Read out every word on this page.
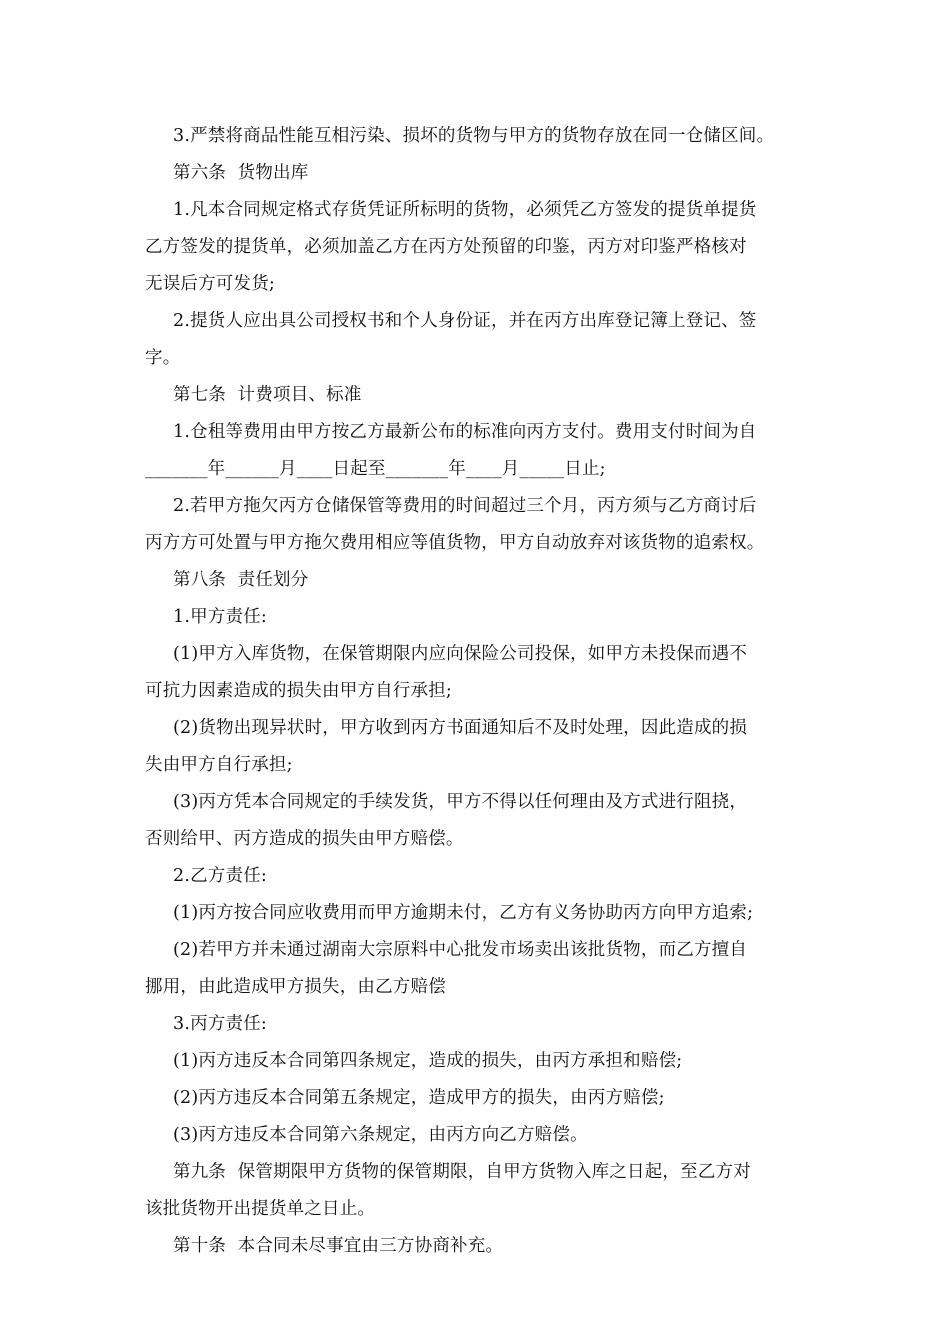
3.严禁将商品性能互相污染、损坏的货物与甲方的货物存放在同一仓储区间。
第六条  货物出库
1.凡本合同规定格式存货凭证所标明的货物，必须凭乙方签发的提货单提货
乙方签发的提货单，必须加盖乙方在丙方处预留的印鉴，丙方对印鉴严格核对
无误后方可发货;
2.提货人应出具公司授权书和个人身份证，并在丙方出库登记簿上登记、签
字。
第七条  计费项目、标准
1.仓租等费用由甲方按乙方最新公布的标准向丙方支付。费用支付时间为自
_______年______月____日起至_______年____月_____日止;
2.若甲方拖欠丙方仓储保管等费用的时间超过三个月，丙方须与乙方商讨后
丙方方可处置与甲方拖欠费用相应等值货物，甲方自动放弃对该货物的追索权。
第八条  责任划分
1.甲方责任:
(1)甲方入库货物，在保管期限内应向保险公司投保，如甲方未投保而遇不
可抗力因素造成的损失由甲方自行承担;
(2)货物出现异状时，甲方收到丙方书面通知后不及时处理，因此造成的损
失由甲方自行承担;
(3)丙方凭本合同规定的手续发货，甲方不得以任何理由及方式进行阻挠，
否则给甲、丙方造成的损失由甲方赔偿。
2.乙方责任:
(1)丙方按合同应收费用而甲方逾期未付，乙方有义务协助丙方向甲方追索;
(2)若甲方并未通过湖南大宗原料中心批发市场卖出该批货物，而乙方擅自
挪用，由此造成甲方损失，由乙方赔偿
3.丙方责任:
(1)丙方违反本合同第四条规定，造成的损失，由丙方承担和赔偿;
(2)丙方违反本合同第五条规定，造成甲方的损失，由丙方赔偿;
(3)丙方违反本合同第六条规定，由丙方向乙方赔偿。
第九条  保管期限甲方货物的保管期限，自甲方货物入库之日起，至乙方对
该批货物开出提货单之日止。
第十条  本合同未尽事宜由三方协商补充。
